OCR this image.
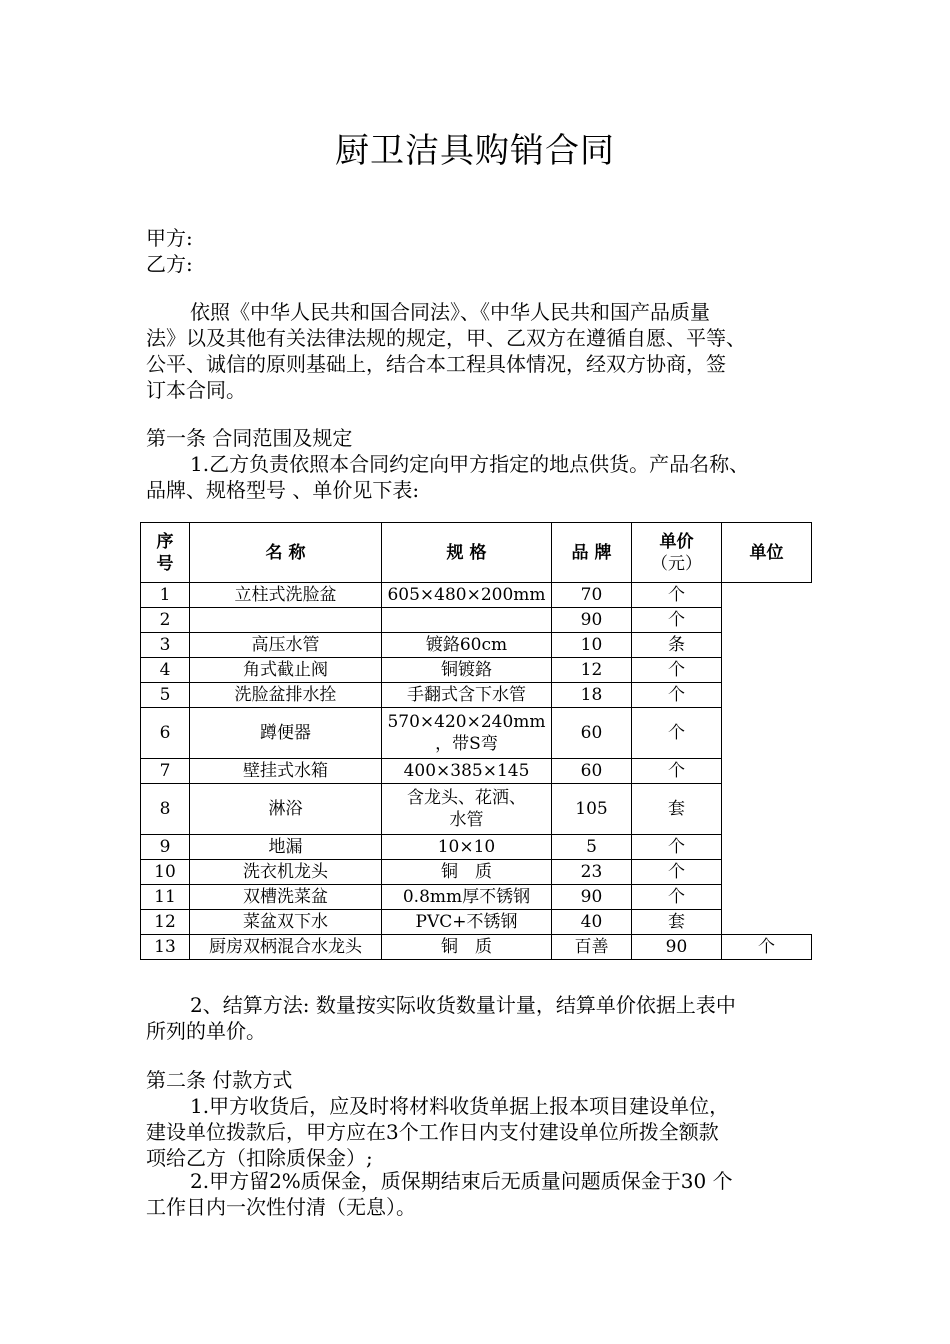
厨卫洁具购销合同
甲方:
乙方:
依照《中华人民共和国合同法》、《中华人民共和国产品质量
法》以及其他有关法律法规的规定，甲、乙双方在遵循自愿、平等、
公平、诚信的原则基础上，结合本工程具体情况，经双方协商，签
订本合同。
第一条 合同范围及规定
1.乙方负责依照本合同约定向甲方指定的地点供货。产品名称、
品牌、规格型号 、单价见下表:
序
号	名 称	规 格	品 牌	单价
（元）	单位
1	立柱式洗脸盆	605×480×200mm	70	个	
2			90	个	
3	高压水管	镀鉻60cm	10	条	
4	角式截止阀	铜镀鉻	12	个	
5	洗脸盆排水拴	手翻式含下水管	18	个	
6	蹲便器	570×420×240mm
，带S弯	60	个	
7	壁挂式水箱	400×385×145	60	个	
8	淋浴	含龙头、花洒、
水管	105	套	
9	地漏	10×10	5	个	
10	洗衣机龙头	铜　质	23	个	
11	双槽洗菜盆	0.8mm厚不锈钢	90	个	
12	菜盆双下水	PVC+不锈钢	40	套	
13	厨房双柄混合水龙头	铜　质	百善	90	个
2、结算方法: 数量按实际收货数量计量，结算单价依据上表中
所列的单价。
第二条 付款方式
1.甲方收货后，应及时将材料收货单据上报本项目建设单位，
建设单位拨款后，甲方应在3个工作日内支付建设单位所拨全额款
项给乙方（扣除质保金）;
2.甲方留2%质保金，质保期结束后无质量问题质保金于30 个
工作日内一次性付清（无息）。
